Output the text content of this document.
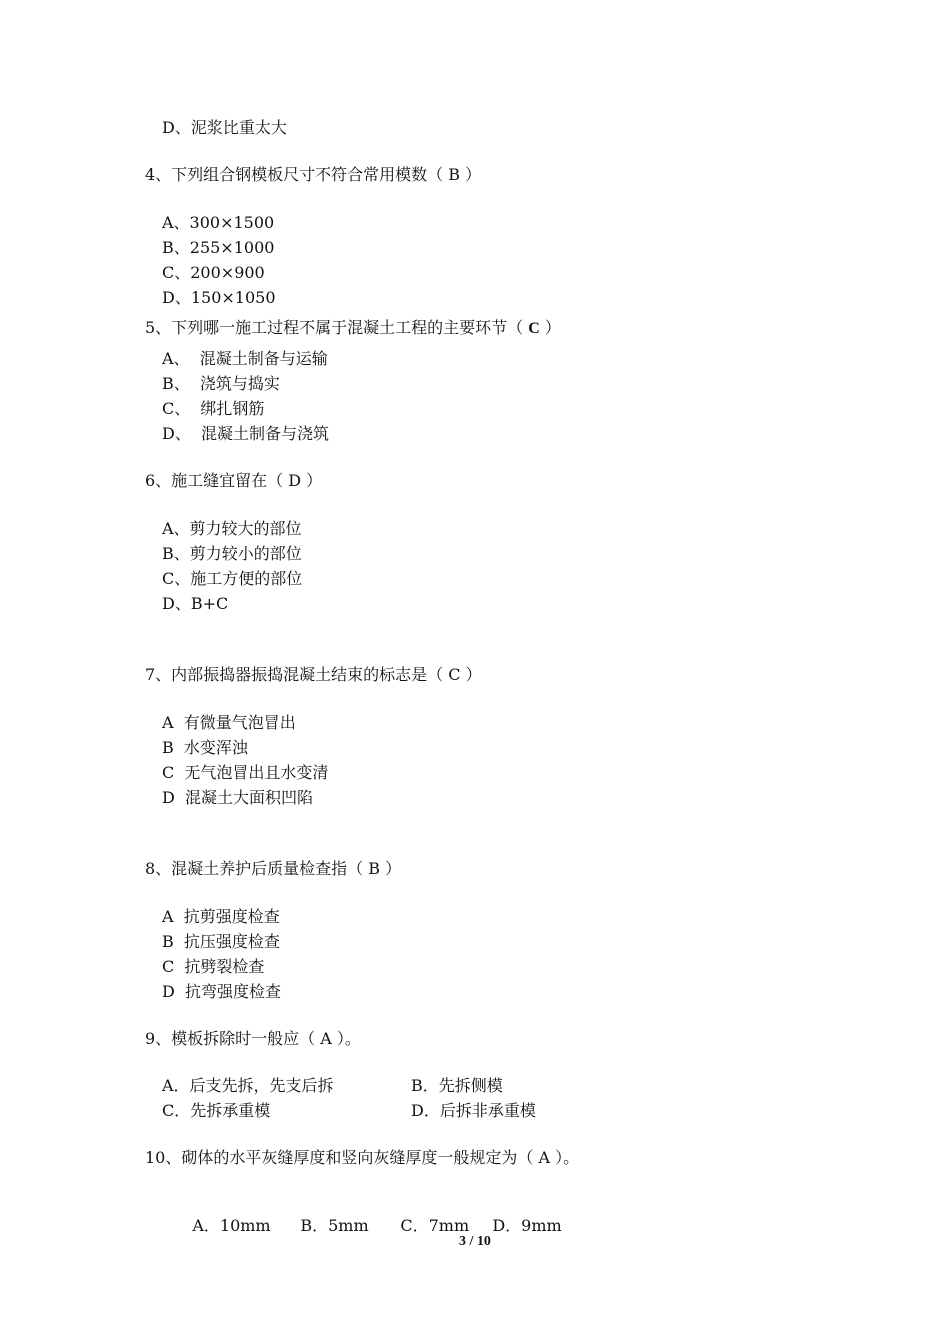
D、泥浆比重太大
4、下列组合钢模板尺寸不符合常用模数（ B ）
A、300×1500
B、255×1000
C、200×900
D、150×1050
5、下列哪一施工过程不属于混凝土工程的主要环节（ C ）
A、  混凝土制备与运输
B、  浇筑与捣实
C、  绑扎钢筋
D、  混凝土制备与浇筑
6、施工缝宜留在（ D ）
A、剪力较大的部位
B、剪力较小的部位
C、施工方便的部位
D、B+C
7、内部振捣器振捣混凝土结束的标志是（ C ）
A  有微量气泡冒出
B  水变浑浊
C  无气泡冒出且水变清
D  混凝土大面积凹陷
8、混凝土养护后质量检查指（ B ）
A  抗剪强度检查
B  抗压强度检查
C  抗劈裂检查
D  抗弯强度检查
9、模板拆除时一般应（ A ）。
A．后支先拆，先支后拆	B．先拆侧模
C．先拆承重模	D．后拆非承重模
10、砌体的水平灰缝厚度和竖向灰缝厚度一般规定为（ A ）。

A．10mm B．5mm C．7mm D．9mm

3 / 10
